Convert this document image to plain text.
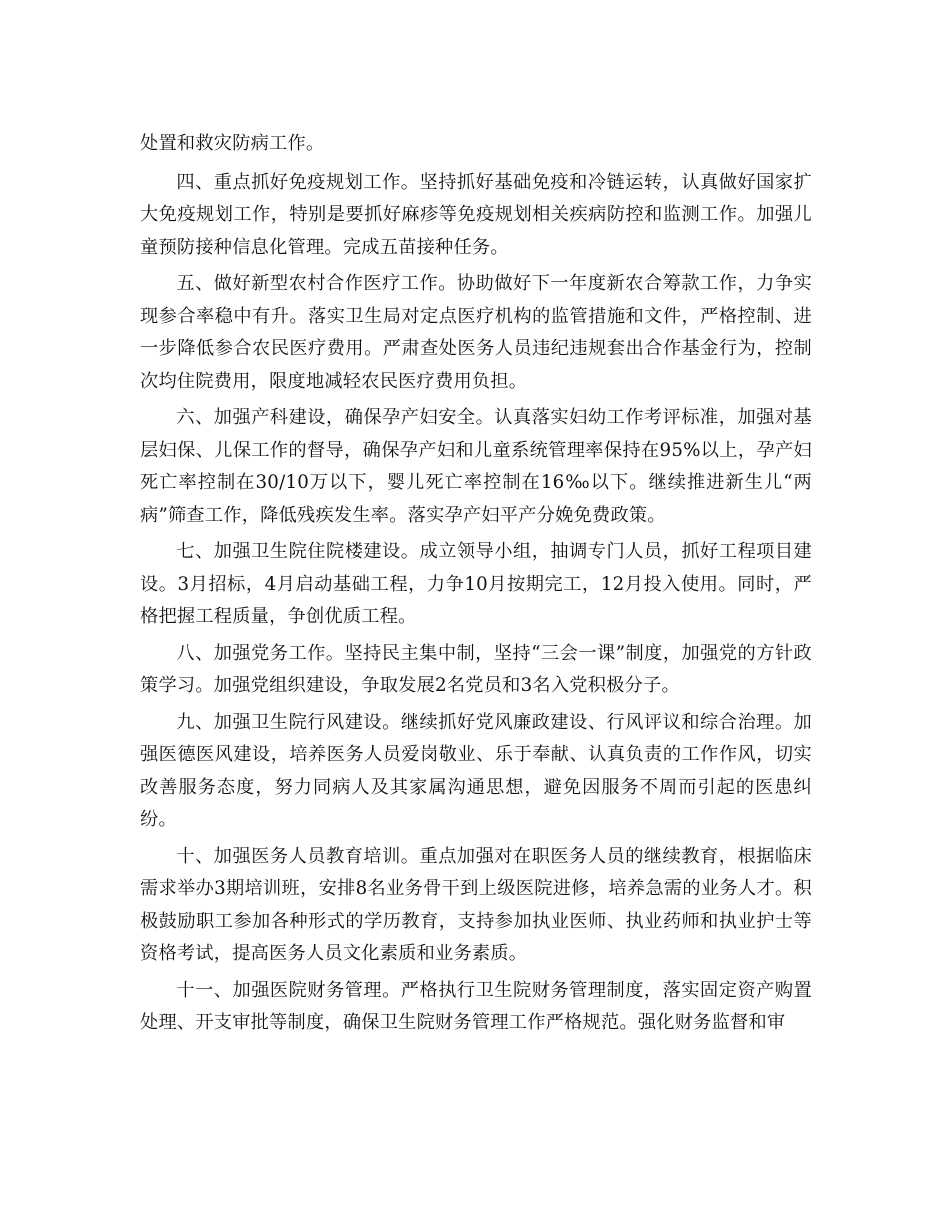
处置和救灾防病工作。

四、重点抓好免疫规划工作。坚持抓好基础免疫和冷链运转，认真做好国家扩大免疫规划工作，特别是要抓好麻疹等免疫规划相关疾病防控和监测工作。加强儿童预防接种信息化管理。完成五苗接种任务。

五、做好新型农村合作医疗工作。协助做好下一年度新农合筹款工作，力争实现参合率稳中有升。落实卫生局对定点医疗机构的监管措施和文件，严格控制、进一步降低参合农民医疗费用。严肃查处医务人员违纪违规套出合作基金行为，控制次均住院费用，限度地减轻农民医疗费用负担。

六、加强产科建设，确保孕产妇安全。认真落实妇幼工作考评标准，加强对基层妇保、儿保工作的督导，确保孕产妇和儿童系统管理率保持在95%以上，孕产妇死亡率控制在30/10万以下，婴儿死亡率控制在16‰以下。继续推进新生儿“两病”筛查工作，降低残疾发生率。落实孕产妇平产分娩免费政策。

七、加强卫生院住院楼建设。成立领导小组，抽调专门人员，抓好工程项目建设。3月招标，4月启动基础工程，力争10月按期完工，12月投入使用。同时，严格把握工程质量，争创优质工程。

八、加强党务工作。坚持民主集中制，坚持“三会一课”制度，加强党的方针政策学习。加强党组织建设，争取发展2名党员和3名入党积极分子。

九、加强卫生院行风建设。继续抓好党风廉政建设、行风评议和综合治理。加强医德医风建设，培养医务人员爱岗敬业、乐于奉献、认真负责的工作作风，切实改善服务态度，努力同病人及其家属沟通思想，避免因服务不周而引起的医患纠纷。

十、加强医务人员教育培训。重点加强对在职医务人员的继续教育，根据临床需求举办3期培训班，安排8名业务骨干到上级医院进修，培养急需的业务人才。积极鼓励职工参加各种形式的学历教育，支持参加执业医师、执业药师和执业护士等资格考试，提高医务人员文化素质和业务素质。

十一、加强医院财务管理。严格执行卫生院财务管理制度，落实固定资产购置处理、开支审批等制度，确保卫生院财务管理工作严格规范。强化财务监督和审
